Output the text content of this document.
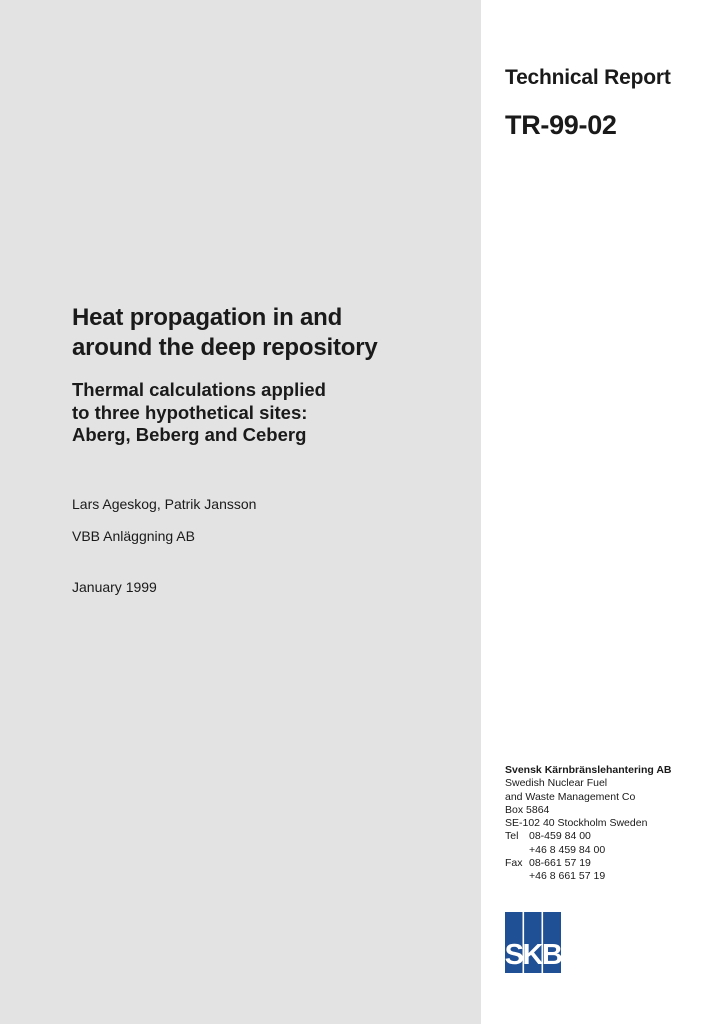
Technical Report
TR-99-02
Heat propagation in and
around the deep repository
Thermal calculations applied
to three hypothetical sites:
Aberg, Beberg and Ceberg
Lars Ageskog, Patrik Jansson
VBB Anläggning AB
January 1999
Svensk Kärnbränslehantering AB
Swedish Nuclear Fuel
and Waste Management Co
Box 5864
SE-102 40 Stockholm Sweden
Tel	08-459 84 00
+46 8 459 84 00
Fax 08-661 57 19
+46 8 661 57 19
SKB
